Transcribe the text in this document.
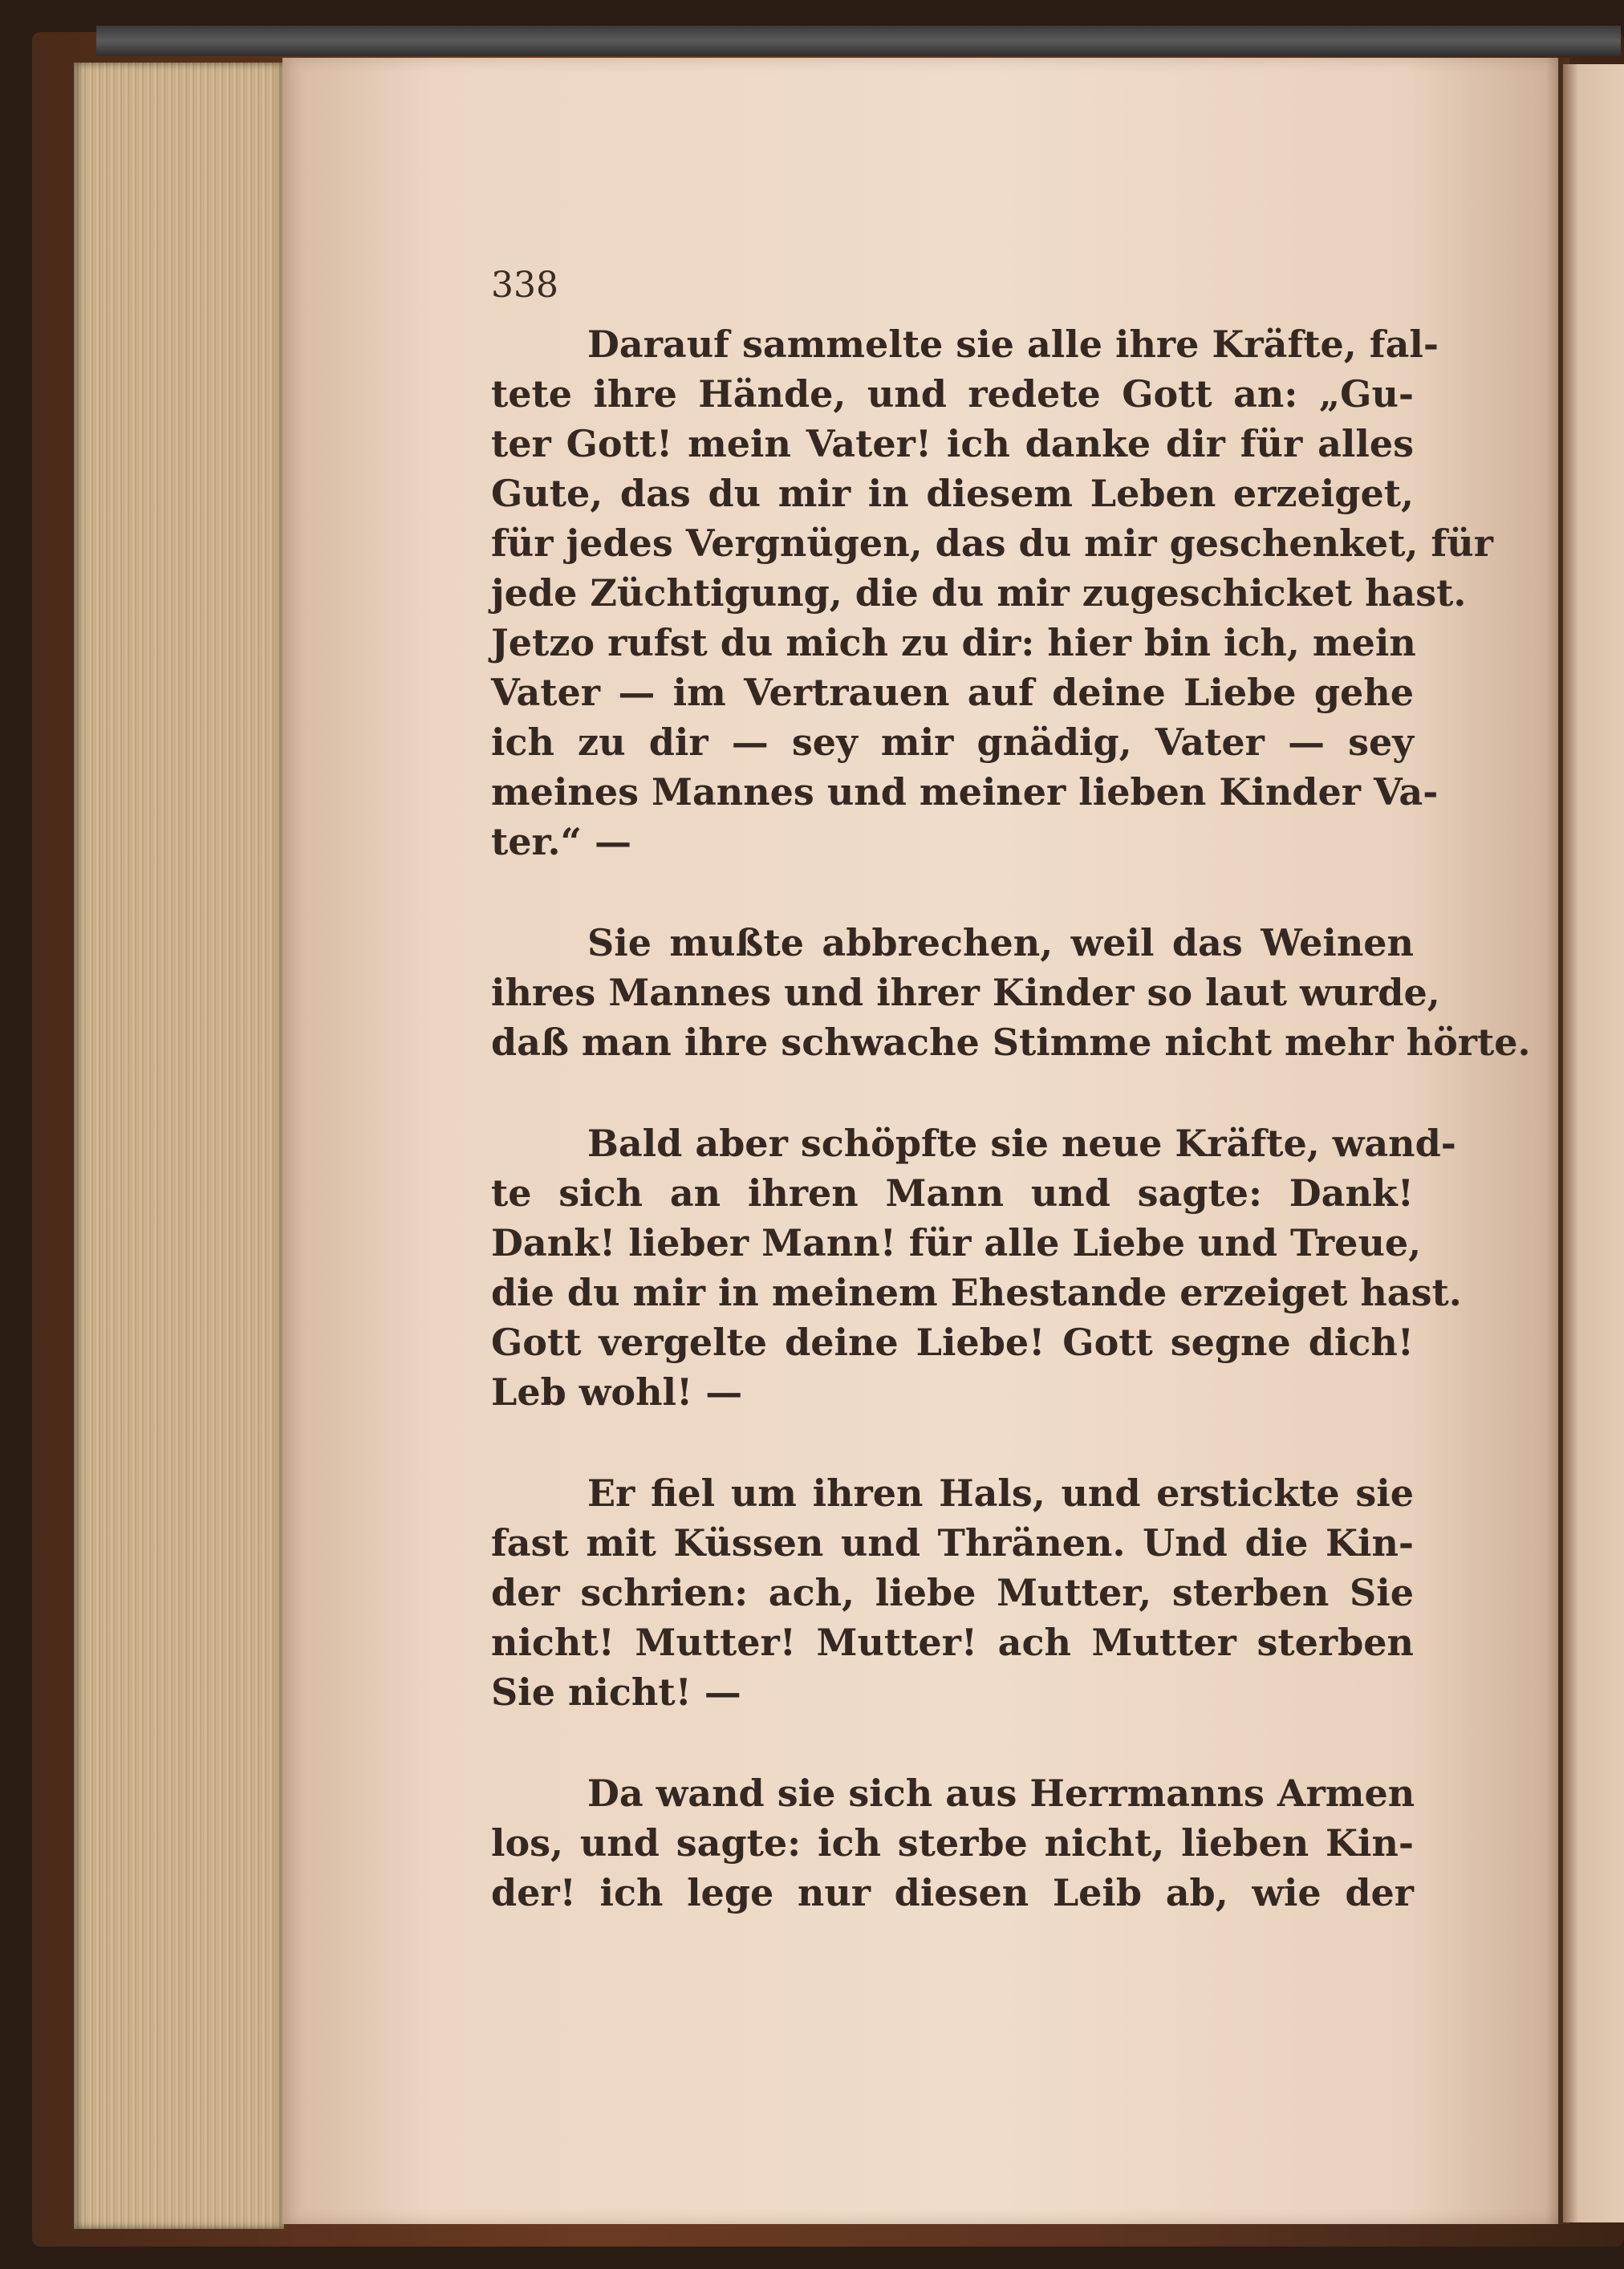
338

Darauf sammelte sie alle ihre Kräfte, fal-
tete ihre Hände, und redete Gott an: „Gu-
ter Gott! mein Vater! ich danke dir für alles
Gute, das du mir in diesem Leben erzeiget,
für jedes Vergnügen, das du mir geschenket, für
jede Züchtigung, die du mir zugeschicket hast.
Jetzo rufst du mich zu dir: hier bin ich, mein
Vater — im Vertrauen auf deine Liebe gehe
ich zu dir — sey mir gnädig, Vater — sey
meines Mannes und meiner lieben Kinder Va-
ter.“ —

Sie mußte abbrechen, weil das Weinen
ihres Mannes und ihrer Kinder so laut wurde,
daß man ihre schwache Stimme nicht mehr hörte.

Bald aber schöpfte sie neue Kräfte, wand-
te sich an ihren Mann und sagte: Dank!
Dank! lieber Mann! für alle Liebe und Treue,
die du mir in meinem Ehestande erzeiget hast.
Gott vergelte deine Liebe! Gott segne dich!
Leb wohl! —

Er fiel um ihren Hals, und erstickte sie
fast mit Küssen und Thränen. Und die Kin-
der schrien: ach, liebe Mutter, sterben Sie
nicht! Mutter! Mutter! ach Mutter sterben
Sie nicht! —

Da wand sie sich aus Herrmanns Armen
los, und sagte: ich sterbe nicht, lieben Kin-
der! ich lege nur diesen Leib ab, wie der
